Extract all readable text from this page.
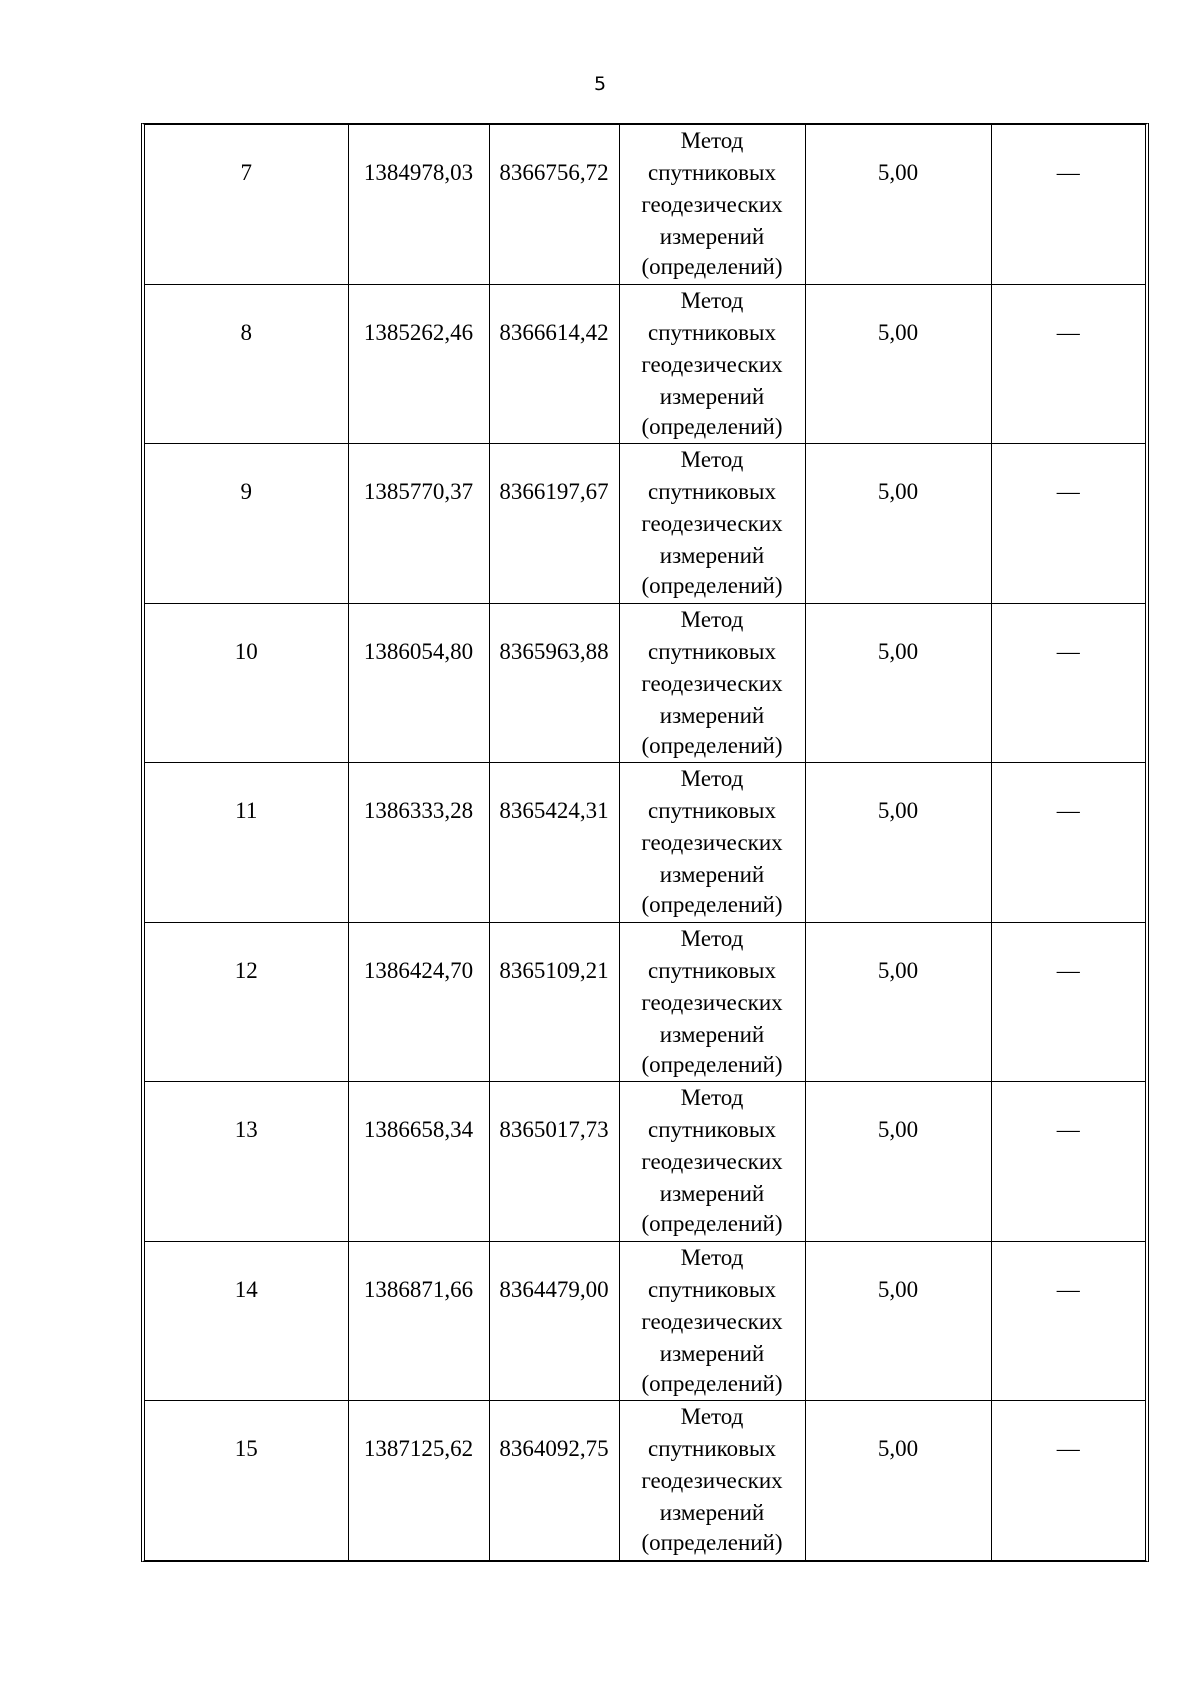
5
7	1384978,03	8366756,72	Метод
спутниковых
геодезических
измерений
(определений)	5,00	—
8	1385262,46	8366614,42	Метод
спутниковых
геодезических
измерений
(определений)	5,00	—
9	1385770,37	8366197,67	Метод
спутниковых
геодезических
измерений
(определений)	5,00	—
10	1386054,80	8365963,88	Метод
спутниковых
геодезических
измерений
(определений)	5,00	—
11	1386333,28	8365424,31	Метод
спутниковых
геодезических
измерений
(определений)	5,00	—
12	1386424,70	8365109,21	Метод
спутниковых
геодезических
измерений
(определений)	5,00	—
13	1386658,34	8365017,73	Метод
спутниковых
геодезических
измерений
(определений)	5,00	—
14	1386871,66	8364479,00	Метод
спутниковых
геодезических
измерений
(определений)	5,00	—
15	1387125,62	8364092,75	Метод
спутниковых
геодезических
измерений
(определений)	5,00	—
